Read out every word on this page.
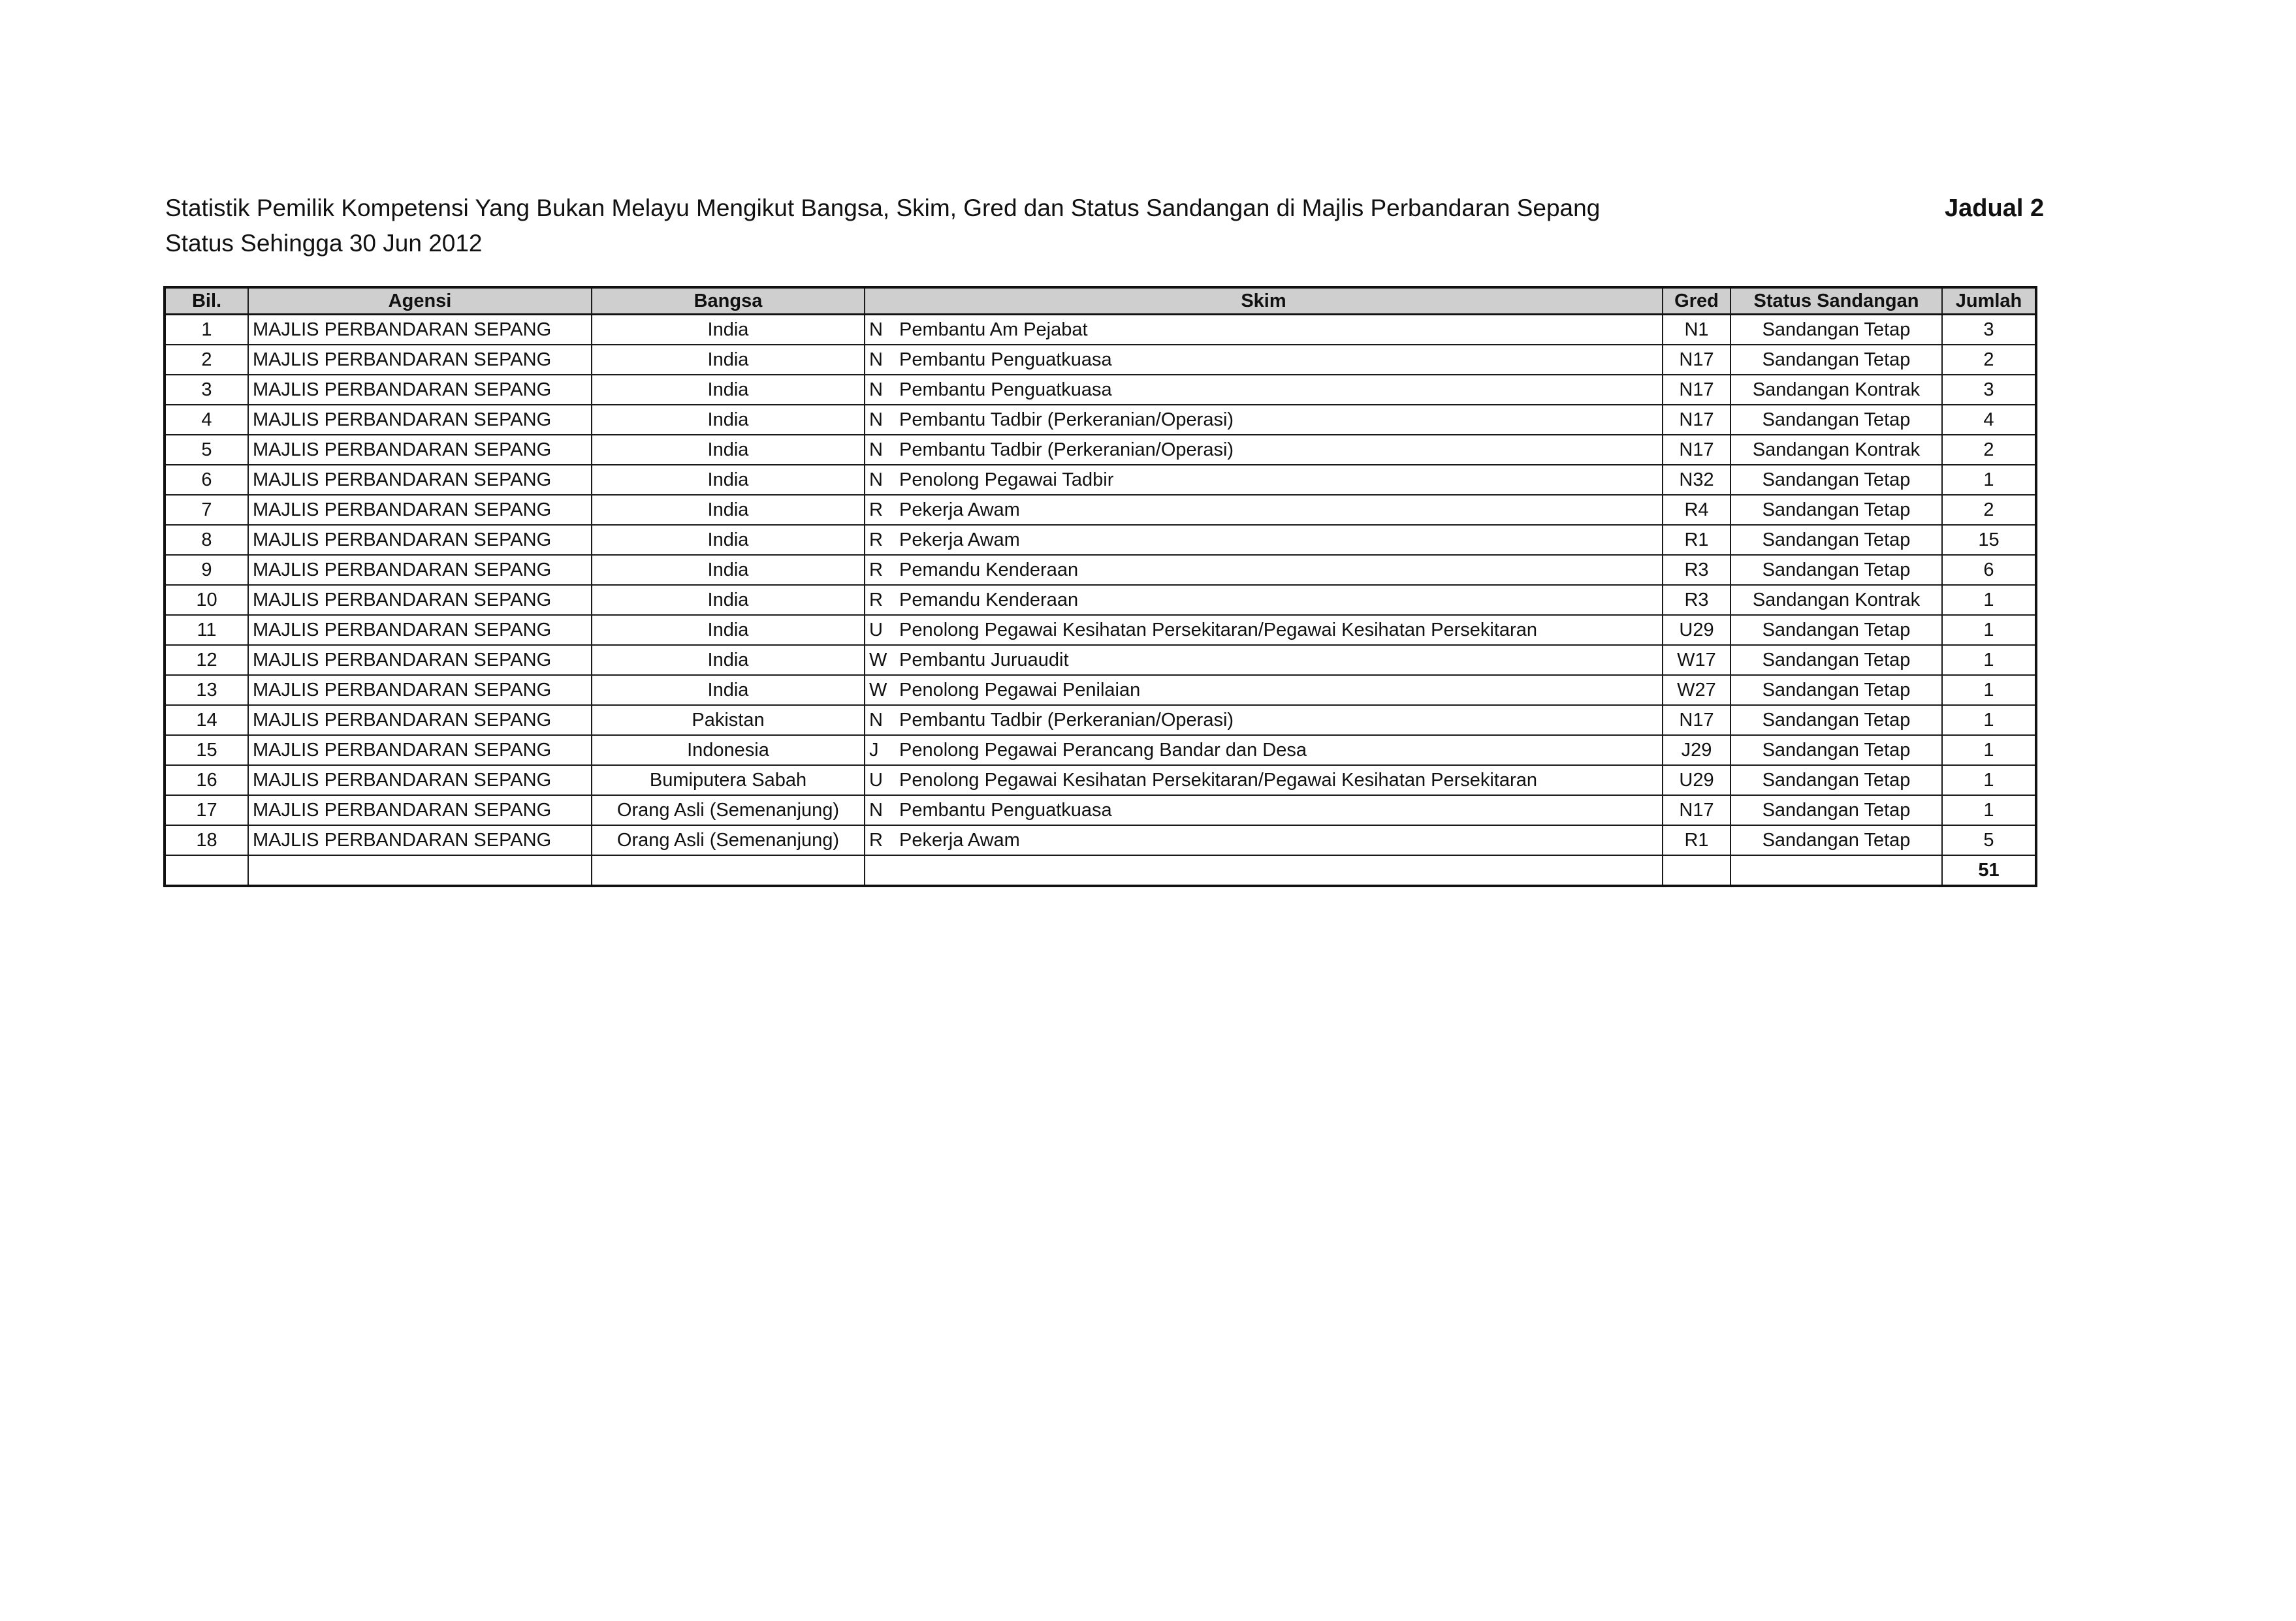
Statistik Pemilik Kompetensi Yang Bukan Melayu Mengikut Bangsa, Skim, Gred dan Status Sandangan di Majlis Perbandaran Sepang
Status Sehingga 30 Jun 2012
Jadual 2
Bil.	Agensi	Bangsa	Skim	Gred	Status Sandangan	Jumlah
1	MAJLIS PERBANDARAN SEPANG	India	N Pembantu Am Pejabat	N1	Sandangan Tetap	3
2	MAJLIS PERBANDARAN SEPANG	India	N Pembantu Penguatkuasa	N17	Sandangan Tetap	2
3	MAJLIS PERBANDARAN SEPANG	India	N Pembantu Penguatkuasa	N17	Sandangan Kontrak	3
4	MAJLIS PERBANDARAN SEPANG	India	N Pembantu Tadbir (Perkeranian/Operasi)	N17	Sandangan Tetap	4
5	MAJLIS PERBANDARAN SEPANG	India	N Pembantu Tadbir (Perkeranian/Operasi)	N17	Sandangan Kontrak	2
6	MAJLIS PERBANDARAN SEPANG	India	N Penolong Pegawai Tadbir	N32	Sandangan Tetap	1
7	MAJLIS PERBANDARAN SEPANG	India	R Pekerja Awam	R4	Sandangan Tetap	2
8	MAJLIS PERBANDARAN SEPANG	India	R Pekerja Awam	R1	Sandangan Tetap	15
9	MAJLIS PERBANDARAN SEPANG	India	R Pemandu Kenderaan	R3	Sandangan Tetap	6
10	MAJLIS PERBANDARAN SEPANG	India	R Pemandu Kenderaan	R3	Sandangan Kontrak	1
11	MAJLIS PERBANDARAN SEPANG	India	U Penolong Pegawai Kesihatan Persekitaran/Pegawai Kesihatan Persekitaran	U29	Sandangan Tetap	1
12	MAJLIS PERBANDARAN SEPANG	India	W Pembantu Juruaudit	W17	Sandangan Tetap	1
13	MAJLIS PERBANDARAN SEPANG	India	W Penolong Pegawai Penilaian	W27	Sandangan Tetap	1
14	MAJLIS PERBANDARAN SEPANG	Pakistan	N Pembantu Tadbir (Perkeranian/Operasi)	N17	Sandangan Tetap	1
15	MAJLIS PERBANDARAN SEPANG	Indonesia	J Penolong Pegawai Perancang Bandar dan Desa	J29	Sandangan Tetap	1
16	MAJLIS PERBANDARAN SEPANG	Bumiputera Sabah	U Penolong Pegawai Kesihatan Persekitaran/Pegawai Kesihatan Persekitaran	U29	Sandangan Tetap	1
17	MAJLIS PERBANDARAN SEPANG	Orang Asli (Semenanjung)	N Pembantu Penguatkuasa	N17	Sandangan Tetap	1
18	MAJLIS PERBANDARAN SEPANG	Orang Asli (Semenanjung)	R Pekerja Awam	R1	Sandangan Tetap	5
						51
